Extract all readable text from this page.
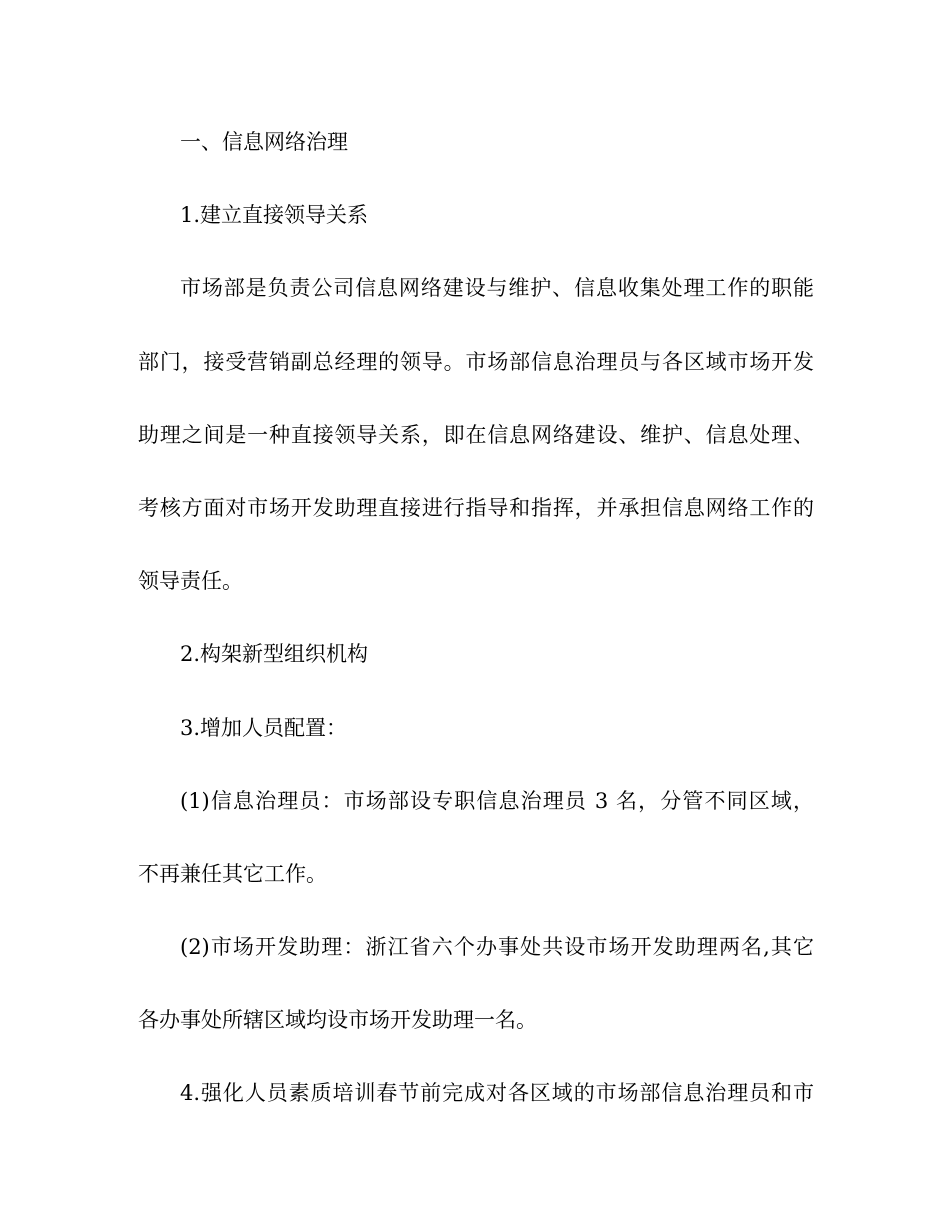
一、信息网络治理
1.建立直接领导关系
市场部是负责公司信息网络建设与维护、信息收集处理工作的职能
部门，接受营销副总经理的领导。市场部信息治理员与各区域市场开发
助理之间是一种直接领导关系，即在信息网络建设、维护、信息处理、
考核方面对市场开发助理直接进行指导和指挥，并承担信息网络工作的
领导责任。
2.构架新型组织机构
3.增加人员配置：
(1)信息治理员：市场部设专职信息治理员 3 名，分管不同区域，
不再兼任其它工作。
(2)市场开发助理：浙江省六个办事处共设市场开发助理两名,其它
各办事处所辖区域均设市场开发助理一名。
4.强化人员素质培训春节前完成对各区域的市场部信息治理员和市
